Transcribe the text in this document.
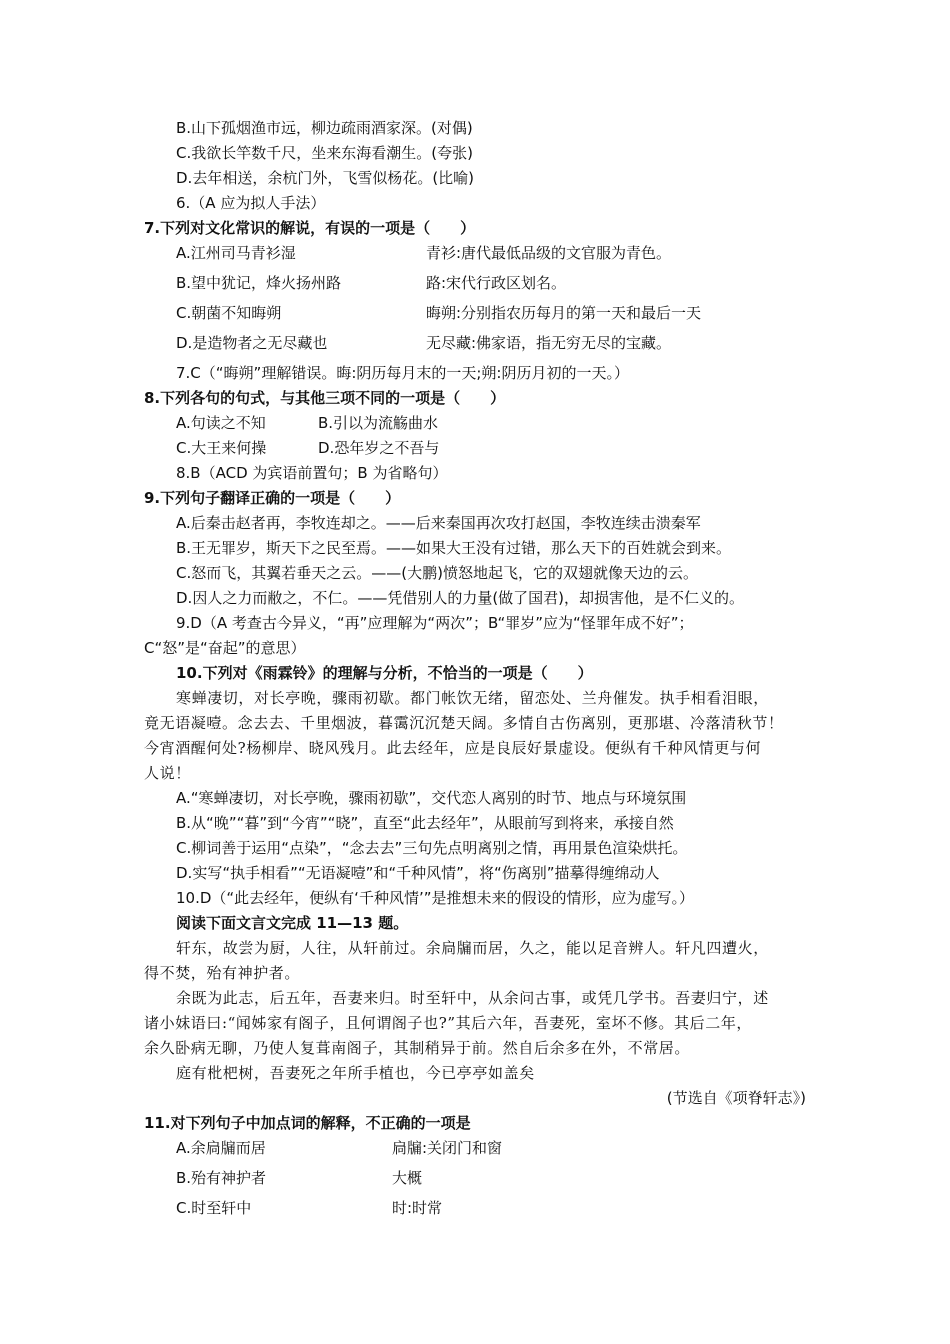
B.山下孤烟渔市远，柳边疏雨酒家深。(对偶)
C.我欲长竿数千尺，坐来东海看潮生。(夸张)
D.去年相送，余杭门外，飞雪似杨花。(比喻)
6.（A 应为拟人手法）
7.下列对文化常识的解说，有误的一项是（　　）
A.江州司马青衫湿	青衫:唐代最低品级的文官服为青色。
B.望中犹记，烽火扬州路	路:宋代行政区划名。
C.朝菌不知晦朔	晦朔:分别指农历每月的第一天和最后一天
D.是造物者之无尽藏也	无尽藏:佛家语，指无穷无尽的宝藏。
7.C（“晦朔”理解错误。晦:阴历每月末的一天;朔:阴历月初的一天。）
8.下列各句的句式，与其他三项不同的一项是（　　）
A.句读之不知	B.引以为流觞曲水
C.大王来何操	D.恐年岁之不吾与
8.B（ACD 为宾语前置句；B 为省略句）
9.下列句子翻译正确的一项是（　　）
A.后秦击赵者再，李牧连却之。——后来秦国再次攻打赵国，李牧连续击溃秦军
B.王无罪岁，斯天下之民至焉。——如果大王没有过错，那么天下的百姓就会到来。
C.怒而飞，其翼若垂天之云。——(大鹏)愤怒地起飞，它的双翅就像天边的云。
D.因人之力而敝之，不仁。——凭借别人的力量(做了国君)，却损害他，是不仁义的。
9.D（A 考查古今异义，“再”应理解为“两次”；B“罪岁”应为“怪罪年成不好”；
C“怒”是“奋起”的意思）
10.下列对《雨霖铃》的理解与分析，不恰当的一项是（　　）
寒蝉凄切，对长亭晚，骤雨初歇。都门帐饮无绪，留恋处、兰舟催发。执手相看泪眼，
竟无语凝噎。念去去、千里烟波，暮霭沉沉楚天阔。多情自古伤离别，更那堪、冷落清秋节！
今宵酒醒何处?杨柳岸、晓风残月。此去经年，应是良辰好景虚设。便纵有千种风情更与何
人说！
A.“寒蝉凄切，对长亭晚，骤雨初歇”，交代恋人离别的时节、地点与环境氛围
B.从“晚”“暮”到“今宵”“晓”，直至“此去经年”，从眼前写到将来，承接自然
C.柳词善于运用“点染”，“念去去”三句先点明离别之情，再用景色渲染烘托。
D.实写“执手相看”“无语凝噎”和“千种风情”，将“伤离别”描摹得缠绵动人
10.D（“此去经年，便纵有‘千种风情’”是推想未来的假设的情形，应为虚写。）
阅读下面文言文完成 11—13 题。
轩东，故尝为厨，人往，从轩前过。余扃牖而居，久之，能以足音辨人。轩凡四遭火，
得不焚，殆有神护者。
余既为此志，后五年，吾妻来归。时至轩中，从余问古事，或凭几学书。吾妻归宁，述
诸小妹语曰:“闻姊家有阁子，且何谓阁子也?”其后六年，吾妻死，室坏不修。其后二年，
余久卧病无聊，乃使人复葺南阁子，其制稍异于前。然自后余多在外，不常居。
庭有枇杷树，吾妻死之年所手植也，今已亭亭如盖矣
(节选自《项脊轩志》)
11.对下列句子中加点词的解释，不正确的一项是
A.余扃牖而居	扃牖:关闭门和窗
B.殆有神护者	大概
C.时至轩中	时:时常
